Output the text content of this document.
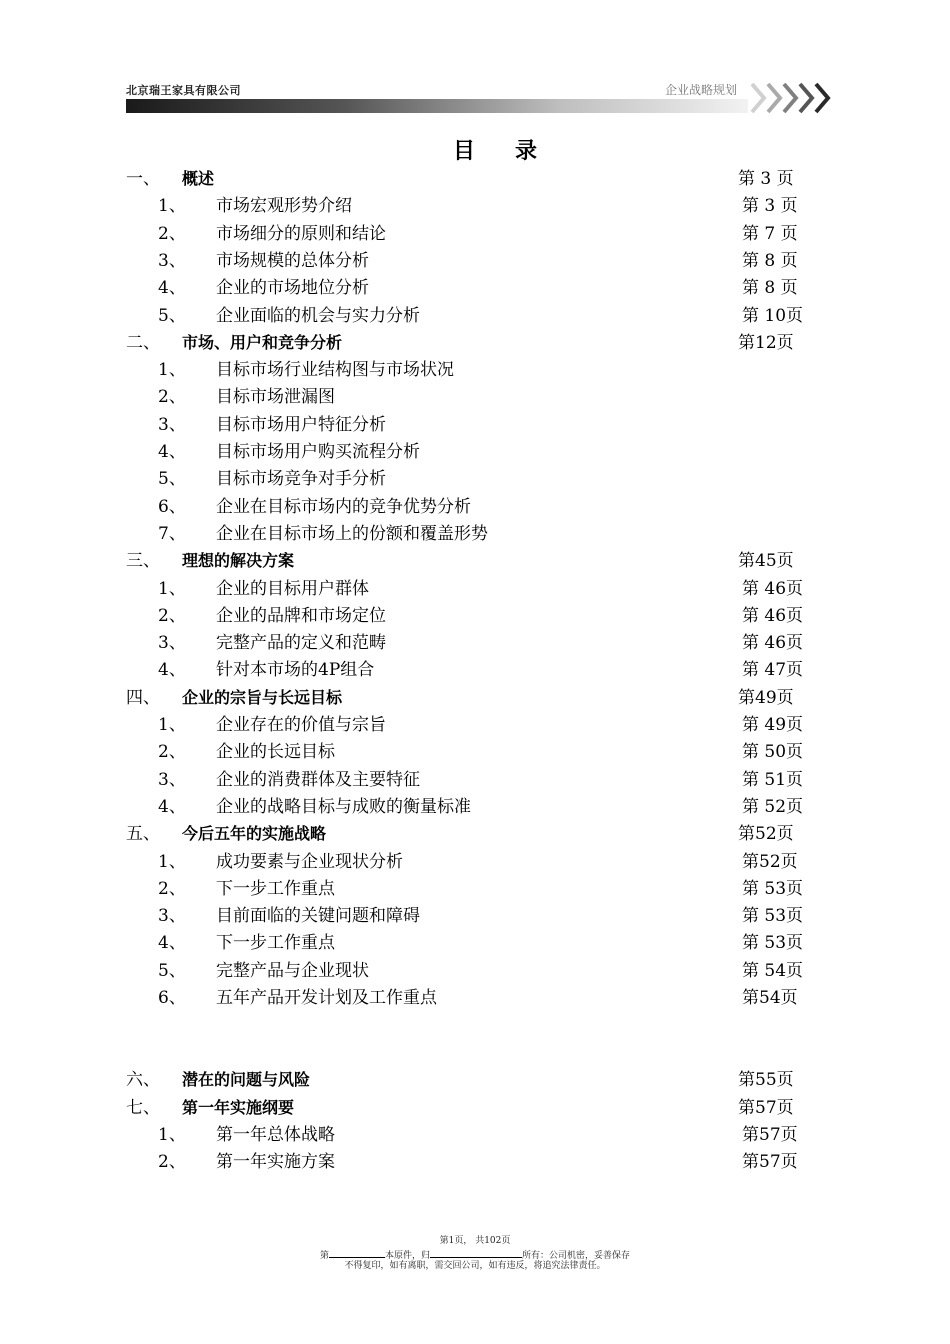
北京瑞王家具有限公司	企业战略规划
目 录
一、 概述	第 3 页
1、 市场宏观形势介绍	第 3 页
2、 市场细分的原则和结论	第 7 页
3、 市场规模的总体分析	第 8 页
4、 企业的市场地位分析	第 8 页
5、 企业面临的机会与实力分析	第 10页
二、 市场、用户和竞争分析	第12页
1、 目标市场行业结构图与市场状况
2、 目标市场泄漏图
3、 目标市场用户特征分析
4、 目标市场用户购买流程分析
5、 目标市场竞争对手分析
6、 企业在目标市场内的竞争优势分析
7、 企业在目标市场上的份额和覆盖形势
三、 理想的解决方案	第45页
1、 企业的目标用户群体	第 46页
2、 企业的品牌和市场定位	第 46页
3、 完整产品的定义和范畴	第 46页
4、 针对本市场的4P组合	第 47页
四、 企业的宗旨与长远目标	第49页
1、 企业存在的价值与宗旨	第 49页
2、 企业的长远目标	第 50页
3、 企业的消费群体及主要特征	第 51页
4、 企业的战略目标与成败的衡量标准	第 52页
五、 今后五年的实施战略	第52页
1、 成功要素与企业现状分析	第52页
2、 下一步工作重点	第 53页
3、 目前面临的关键问题和障碍	第 53页
4、 下一步工作重点	第 53页
5、 完整产品与企业现状	第 54页
6、 五年产品开发计划及工作重点	第54页
六、 潜在的问题与风险	第55页
七、 第一年实施纲要	第57页
1、 第一年总体战略	第57页
2、 第一年实施方案	第57页
第1页， 共102页
第	本原件，归	所有：公司机密，妥善保存
不得复印，如有离职，需交回公司，如有违反，将追究法律责任。
